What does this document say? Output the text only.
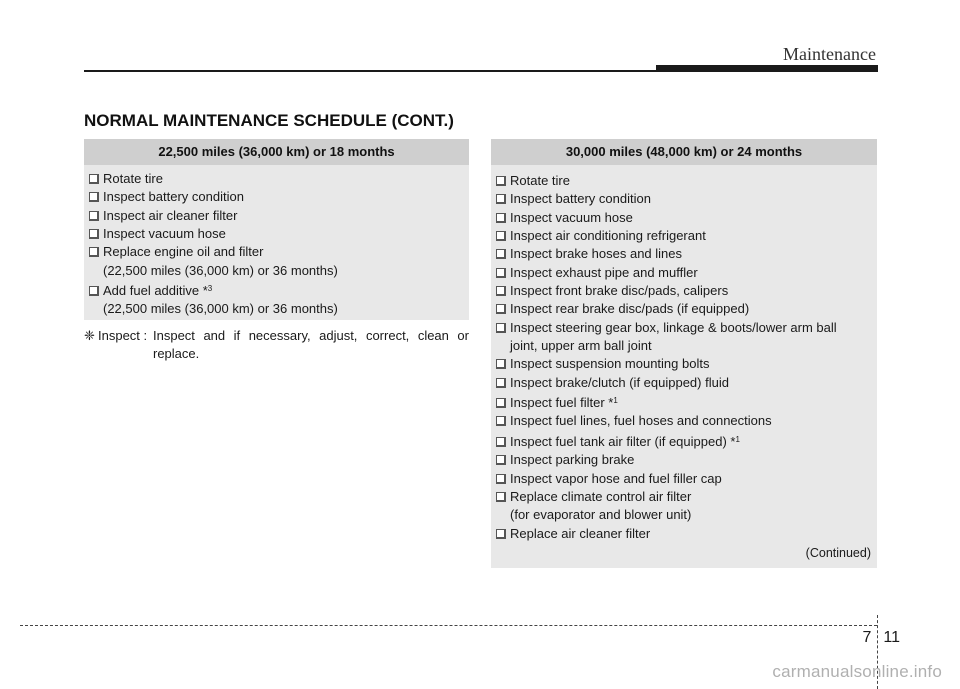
Maintenance
NORMAL MAINTENANCE SCHEDULE (CONT.)
22,500 miles (36,000 km) or 18 months
Rotate tire
Inspect battery condition
Inspect air cleaner filter
Inspect vacuum hose
Replace engine oil and filter
(22,500 miles (36,000 km) or 36 months)
Add fuel additive *$^3$
(22,500 miles (36,000 km) or 36 months)
❈ Inspect : Inspect and if necessary, adjust, correct, clean or replace.
30,000 miles (48,000 km) or 24 months
Rotate tire
Inspect battery condition
Inspect vacuum hose
Inspect air conditioning refrigerant
Inspect brake hoses and lines
Inspect exhaust pipe and muffler
Inspect front brake disc/pads, calipers
Inspect rear brake disc/pads (if equipped)
Inspect steering gear box, linkage & boots/lower arm ball
joint, upper arm ball joint
Inspect suspension mounting bolts
Inspect brake/clutch (if equipped) fluid
Inspect fuel filter *$^1$
Inspect fuel lines, fuel hoses and connections
Inspect fuel tank air filter (if equipped) *$^1$
Inspect parking brake
Inspect vapor hose and fuel filler cap
Replace climate control air filter
(for evaporator and blower unit)
Replace air cleaner filter
(Continued)
7 11
carmanualsonline.info
